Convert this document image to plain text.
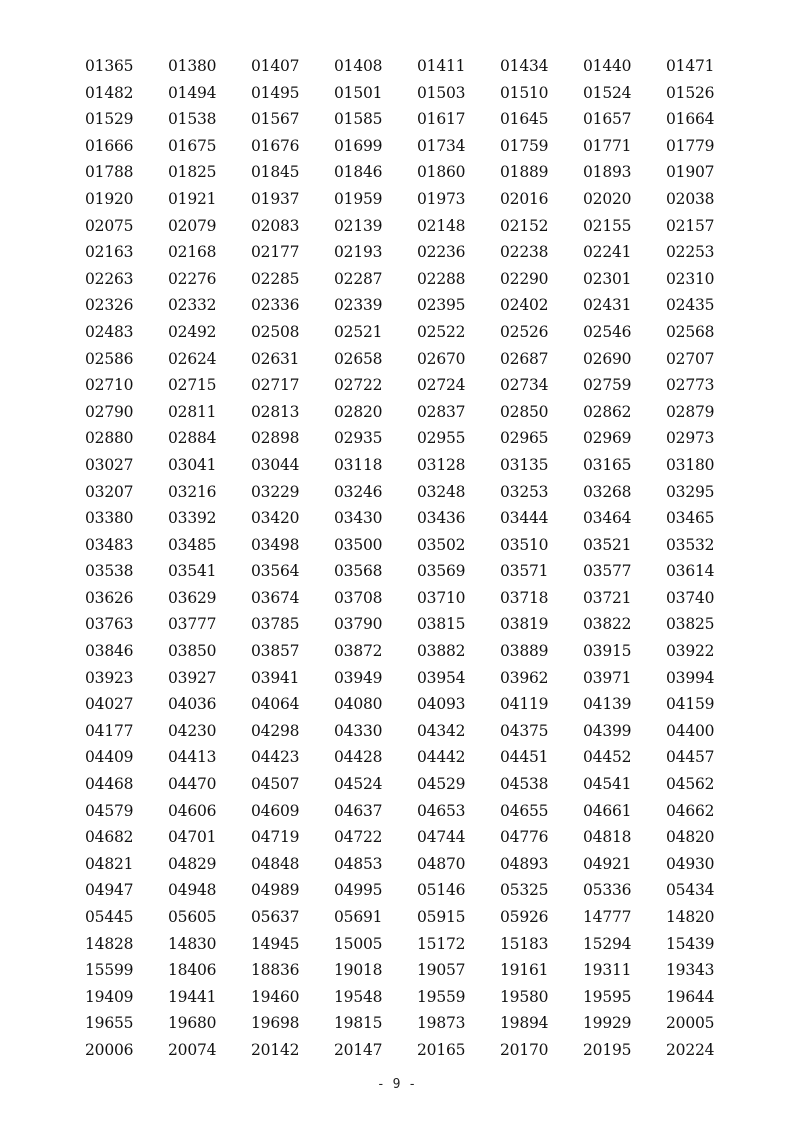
01365	01380	01407	01408	01411	01434	01440	01471
01482	01494	01495	01501	01503	01510	01524	01526
01529	01538	01567	01585	01617	01645	01657	01664
01666	01675	01676	01699	01734	01759	01771	01779
01788	01825	01845	01846	01860	01889	01893	01907
01920	01921	01937	01959	01973	02016	02020	02038
02075	02079	02083	02139	02148	02152	02155	02157
02163	02168	02177	02193	02236	02238	02241	02253
02263	02276	02285	02287	02288	02290	02301	02310
02326	02332	02336	02339	02395	02402	02431	02435
02483	02492	02508	02521	02522	02526	02546	02568
02586	02624	02631	02658	02670	02687	02690	02707
02710	02715	02717	02722	02724	02734	02759	02773
02790	02811	02813	02820	02837	02850	02862	02879
02880	02884	02898	02935	02955	02965	02969	02973
03027	03041	03044	03118	03128	03135	03165	03180
03207	03216	03229	03246	03248	03253	03268	03295
03380	03392	03420	03430	03436	03444	03464	03465
03483	03485	03498	03500	03502	03510	03521	03532
03538	03541	03564	03568	03569	03571	03577	03614
03626	03629	03674	03708	03710	03718	03721	03740
03763	03777	03785	03790	03815	03819	03822	03825
03846	03850	03857	03872	03882	03889	03915	03922
03923	03927	03941	03949	03954	03962	03971	03994
04027	04036	04064	04080	04093	04119	04139	04159
04177	04230	04298	04330	04342	04375	04399	04400
04409	04413	04423	04428	04442	04451	04452	04457
04468	04470	04507	04524	04529	04538	04541	04562
04579	04606	04609	04637	04653	04655	04661	04662
04682	04701	04719	04722	04744	04776	04818	04820
04821	04829	04848	04853	04870	04893	04921	04930
04947	04948	04989	04995	05146	05325	05336	05434
05445	05605	05637	05691	05915	05926	14777	14820
14828	14830	14945	15005	15172	15183	15294	15439
15599	18406	18836	19018	19057	19161	19311	19343
19409	19441	19460	19548	19559	19580	19595	19644
19655	19680	19698	19815	19873	19894	19929	20005
20006	20074	20142	20147	20165	20170	20195	20224
- 9 -
